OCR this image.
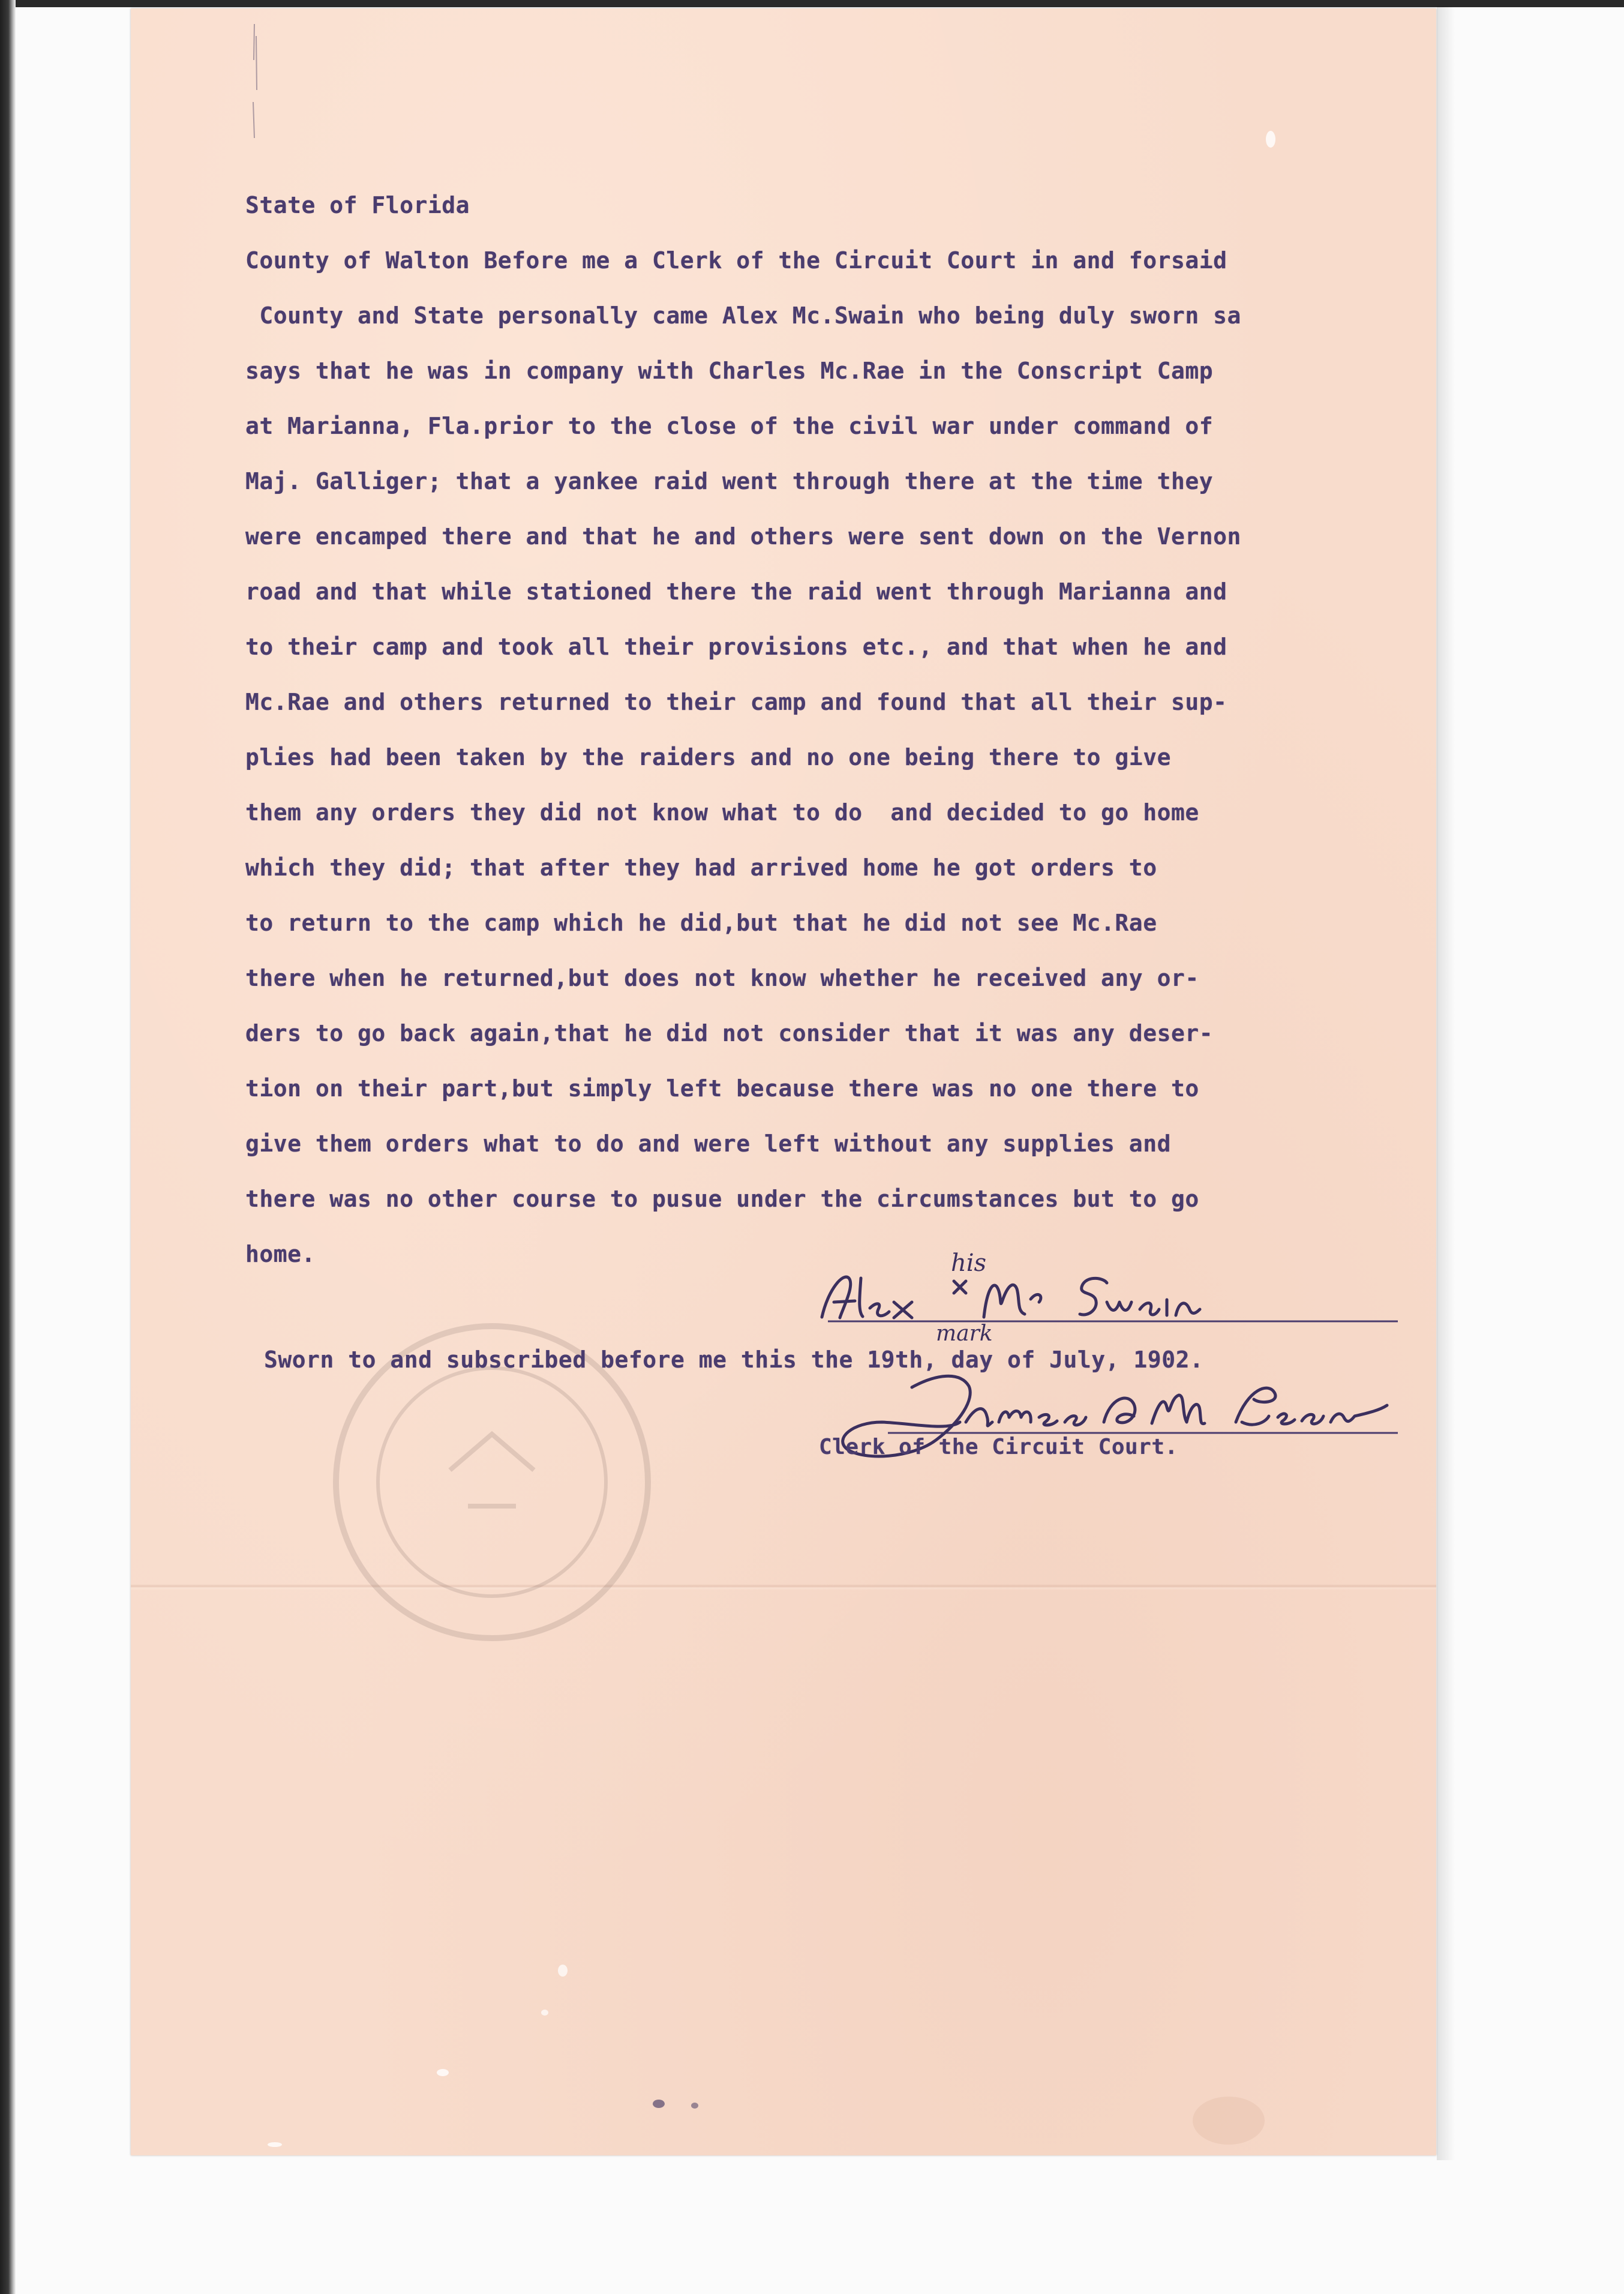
State of Florida
County of Walton Before me a Clerk of the Circuit Court in and forsaid
County and State personally came Alex Mc.Swain who being duly sworn sa
says that he was in company with Charles Mc.Rae in the Conscript Camp
at Marianna, Fla.prior to the close of the civil war under command of
Maj. Galliger; that a yankee raid went through there at the time they
were encamped there and that he and others were sent down on the Vernon
road and that while stationed there the raid went through Marianna and
to their camp and took all their provisions etc., and that when he and
Mc.Rae and others returned to their camp and found that all their sup-
plies had been taken by the raiders and no one being there to give
them any orders they did not know what to do  and decided to go home
which they did; that after they had arrived home he got orders to
to return to the camp which he did,but that he did not see Mc.Rae
there when he returned,but does not know whether he received any or-
ders to go back again,that he did not consider that it was any deser-
tion on their part,but simply left because there was no one there to
give them orders what to do and were left without any supplies and
there was no other course to pusue under the circumstances but to go
home.	his
mark
Sworn to and subscribed before me this the 19th, day of July, 1902.
Clerk of the Circuit Court.
